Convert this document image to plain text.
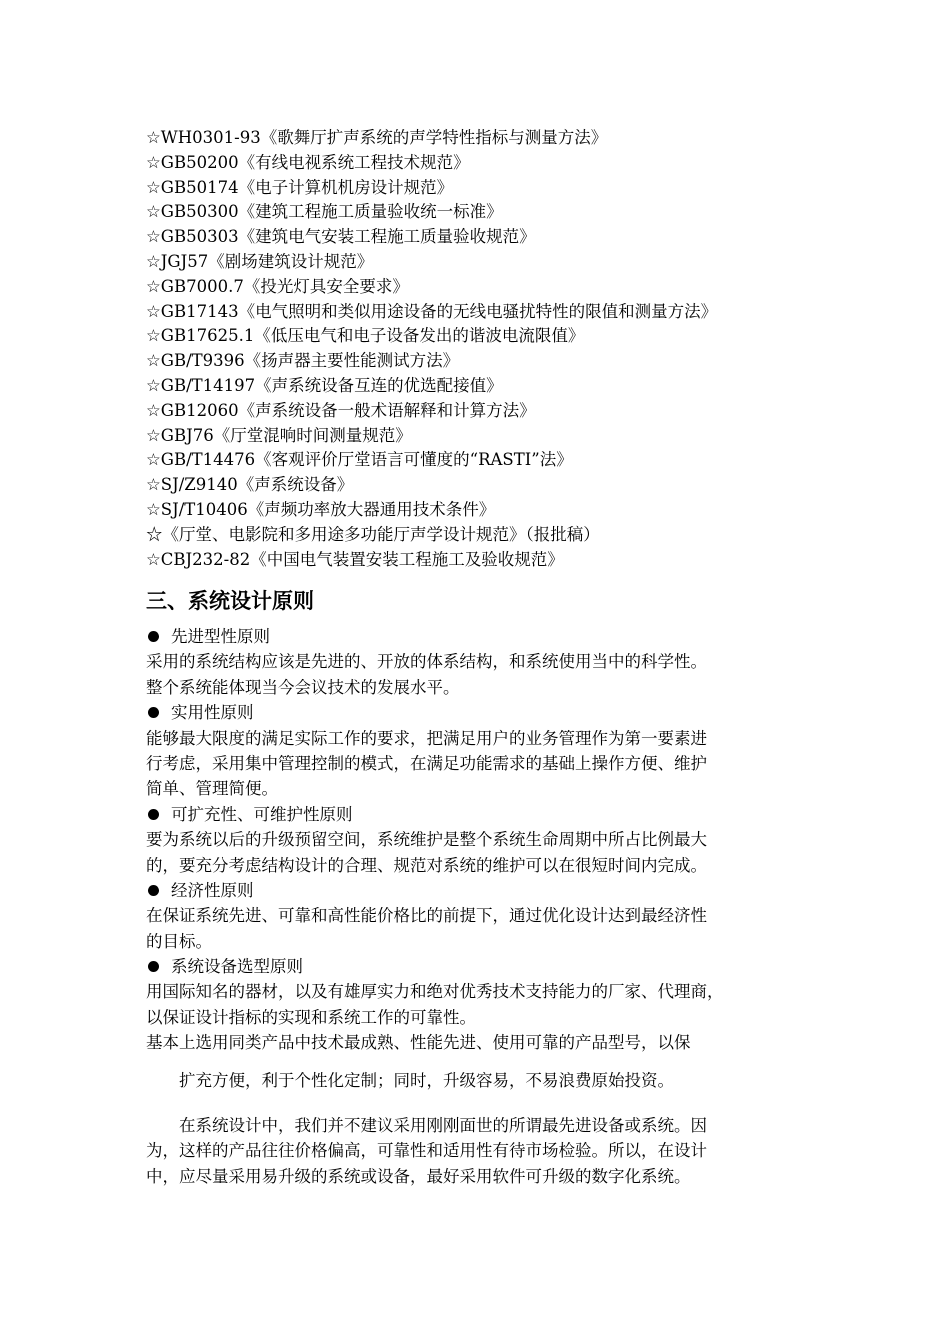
☆WH0301-93《歌舞厅扩声系统的声学特性指标与测量方法》
☆GB50200《有线电视系统工程技术规范》
☆GB50174《电子计算机机房设计规范》
☆GB50300《建筑工程施工质量验收统一标准》
☆GB50303《建筑电气安装工程施工质量验收规范》
☆JGJ57《剧场建筑设计规范》
☆GB7000.7《投光灯具安全要求》
☆GB17143《电气照明和类似用途设备的无线电骚扰特性的限值和测量方法》
☆GB17625.1《低压电气和电子设备发出的谐波电流限值》
☆GB/T9396《扬声器主要性能测试方法》
☆GB/T14197《声系统设备互连的优选配接值》
☆GB12060《声系统设备一般术语解释和计算方法》
☆GBJ76《厅堂混响时间测量规范》
☆GB/T14476《客观评价厅堂语言可懂度的“RASTI”法》
☆SJ/Z9140《声系统设备》
☆SJ/T10406《声频功率放大器通用技术条件》
☆《厅堂、电影院和多用途多功能厅声学设计规范》（报批稿）
☆CBJ232-82《中国电气装置安装工程施工及验收规范》
三、系统设计原则
先进型性原则
采用的系统结构应该是先进的、开放的体系结构，和系统使用当中的科学性。
整个系统能体现当今会议技术的发展水平。
实用性原则
能够最大限度的满足实际工作的要求，把满足用户的业务管理作为第一要素进
行考虑，采用集中管理控制的模式，在满足功能需求的基础上操作方便、维护
简单、管理简便。
可扩充性、可维护性原则
要为系统以后的升级预留空间，系统维护是整个系统生命周期中所占比例最大
的，要充分考虑结构设计的合理、规范对系统的维护可以在很短时间内完成。
经济性原则
在保证系统先进、可靠和高性能价格比的前提下，通过优化设计达到最经济性
的目标。
系统设备选型原则
用国际知名的器材，以及有雄厚实力和绝对优秀技术支持能力的厂家、代理商，
以保证设计指标的实现和系统工作的可靠性。
基本上选用同类产品中技术最成熟、性能先进、使用可靠的产品型号，以保
扩充方便，利于个性化定制；同时，升级容易，不易浪费原始投资。
在系统设计中，我们并不建议采用刚刚面世的所谓最先进设备或系统。因
为，这样的产品往往价格偏高，可靠性和适用性有待市场检验。所以，在设计
中，应尽量采用易升级的系统或设备，最好采用软件可升级的数字化系统。
